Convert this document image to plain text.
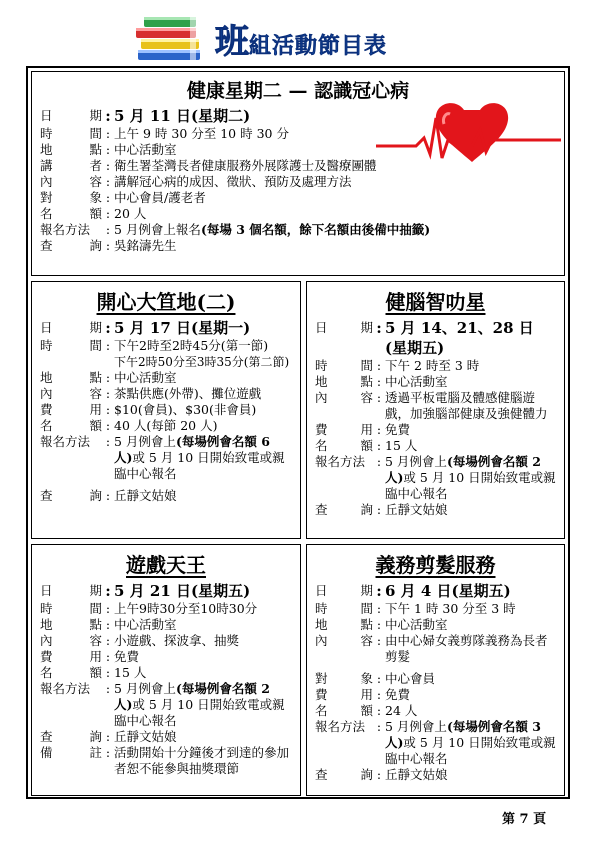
班組活動節目表
健康星期二 — 認識冠心病
日	期 : 5 月 11 日(星期二)
時	間 : 上午 9 時 30 分至 10 時 30 分
地	點 : 中心活動室
講	者 : 衛生署荃灣長者健康服務外展隊護士及醫療團體
內	容 : 講解冠心病的成因、徵狀、預防及處理方法
對	象 : 中心會員/護老者
名	額 : 20 人
報名方法	: 5 月例會上報名(每場 3 個名額，餘下名額由後備中抽籤)
查	詢 : 吳銘濤先生
開心大笪地(二)
日	期 : 5 月 17 日(星期一)
時	間 : 下午2時至2時45分(第一節)
下午2時50分至3時35分(第二節)
地	點 : 中心活動室
內	容 : 茶點供應(外帶)、攤位遊戲
費	用 : $10(會員)、$30(非會員)
名	額 : 40 人(每節 20 人)
報名方法	: 5 月例會上(每場例會名額 6 人)或 5 月 10 日開始致電或親臨中心報名
查	詢 : 丘靜文姑娘
健腦智叻星
日	期 : 5 月 14、21、28 日
(星期五)
時	間 : 下午 2 時至 3 時
地	點 : 中心活動室
內	容 : 透過平板電腦及體感健腦遊戲，加強腦部健康及強健體力
費	用 : 免費
名	額 : 15 人
報名方法 : 5 月例會上(每場例會名額 2 人)或 5 月 10 日開始致電或親臨中心報名
查	詢 : 丘靜文姑娘
遊戲天王
日	期 : 5 月 21 日(星期五)
時	間 : 上午9時30分至10時30分
地	點 : 中心活動室
內	容 : 小遊戲、探波拿、抽獎
費	用 : 免費
名	額 : 15 人
報名方法	: 5 月例會上(每場例會名額 2 人)或 5 月 10 日開始致電或親臨中心報名
查	詢 : 丘靜文姑娘
備	註 : 活動開始十分鐘後才到達的參加者恕不能參與抽獎環節
義務剪髮服務
日	期 : 6 月 4 日(星期五)
時	間 : 下午 1 時 30 分至 3 時
地	點 : 中心活動室
內	容 : 由中心婦女義剪隊義務為長者剪髮
對	象 : 中心會員
費	用 : 免費
名	額 : 24 人
報名方法 : 5 月例會上(每場例會名額 3 人)或 5 月 10 日開始致電或親臨中心報名
查	詢 : 丘靜文姑娘
第 7 頁
